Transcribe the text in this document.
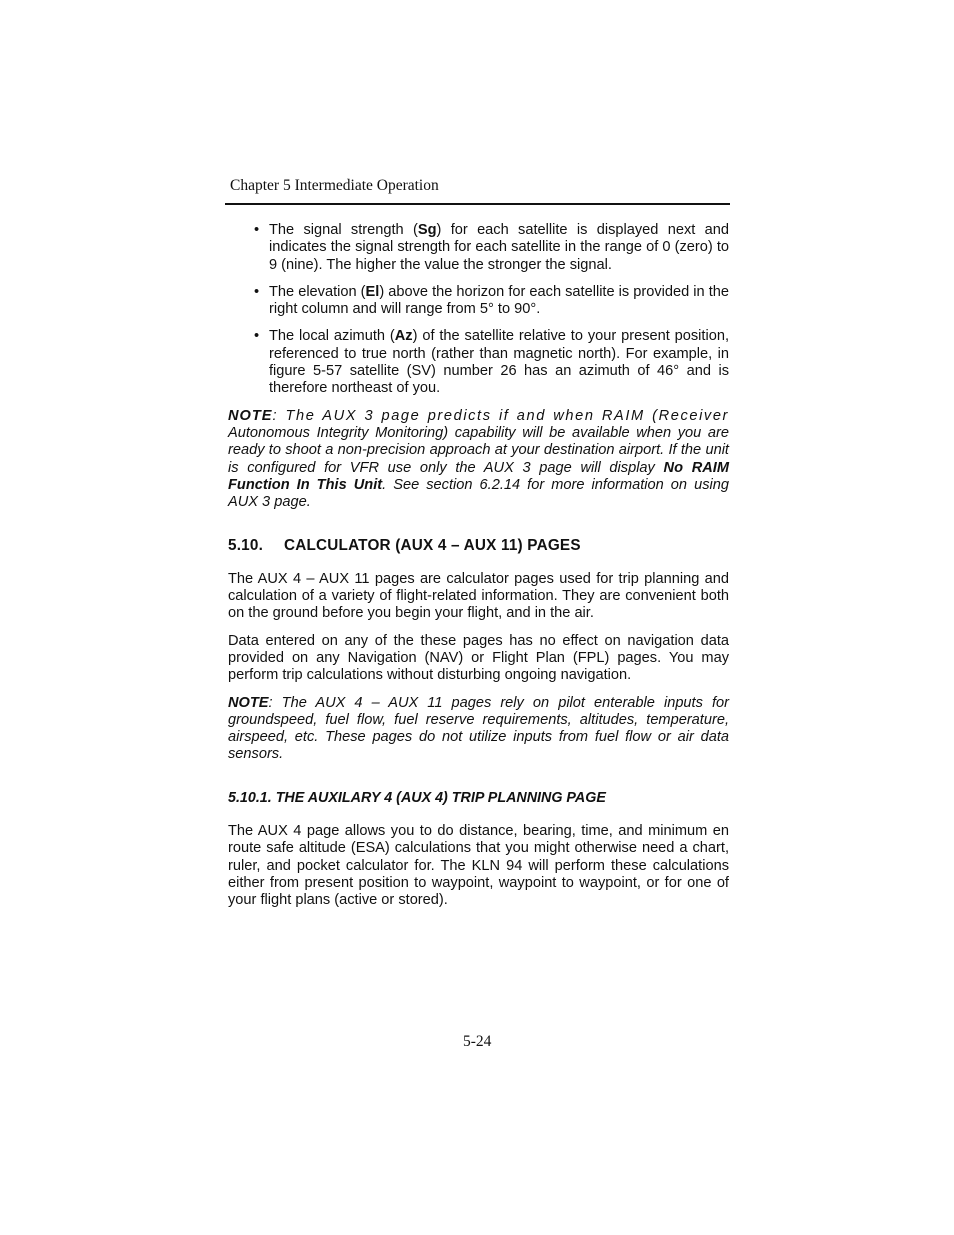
Chapter 5 Intermediate Operation
• The signal strength (Sg) for each satellite is displayed next and indicates the signal strength for each satellite in the range of 0 (zero) to 9 (nine). The higher the value the stronger the signal.
• The elevation (El) above the horizon for each satellite is provided in the right column and will range from 5° to 90°.
• The local azimuth (Az) of the satellite relative to your present position, referenced to true north (rather than magnetic north). For example, in figure 5-57 satellite (SV) number 26 has an azimuth of 46° and is therefore northeast of you.

NOTE: The AUX 3 page predicts if and when RAIM (Receiver Autonomous Integrity Monitoring) capability will be available when you are ready to shoot a non-precision approach at your destination airport. If the unit is configured for VFR use only the AUX 3 page will display No RAIM Function In This Unit. See section 6.2.14 for more information on using AUX 3 page.

5.10. CALCULATOR (AUX 4 – AUX 11) PAGES

The AUX 4 – AUX 11 pages are calculator pages used for trip planning and calculation of a variety of flight-related information. They are convenient both on the ground before you begin your flight, and in the air.

Data entered on any of the these pages has no effect on navigation data provided on any Navigation (NAV) or Flight Plan (FPL) pages. You may perform trip calculations without disturbing ongoing navigation.

NOTE: The AUX 4 – AUX 11 pages rely on pilot enterable inputs for groundspeed, fuel flow, fuel reserve requirements, altitudes, temperature, airspeed, etc. These pages do not utilize inputs from fuel flow or air data sensors.

5.10.1. THE AUXILARY 4 (AUX 4) TRIP PLANNING PAGE

The AUX 4 page allows you to do distance, bearing, time, and minimum en route safe altitude (ESA) calculations that you might otherwise need a chart, ruler, and pocket calculator for. The KLN 94 will perform these calculations either from present position to waypoint, waypoint to waypoint, or for one of your flight plans (active or stored).

5-24
